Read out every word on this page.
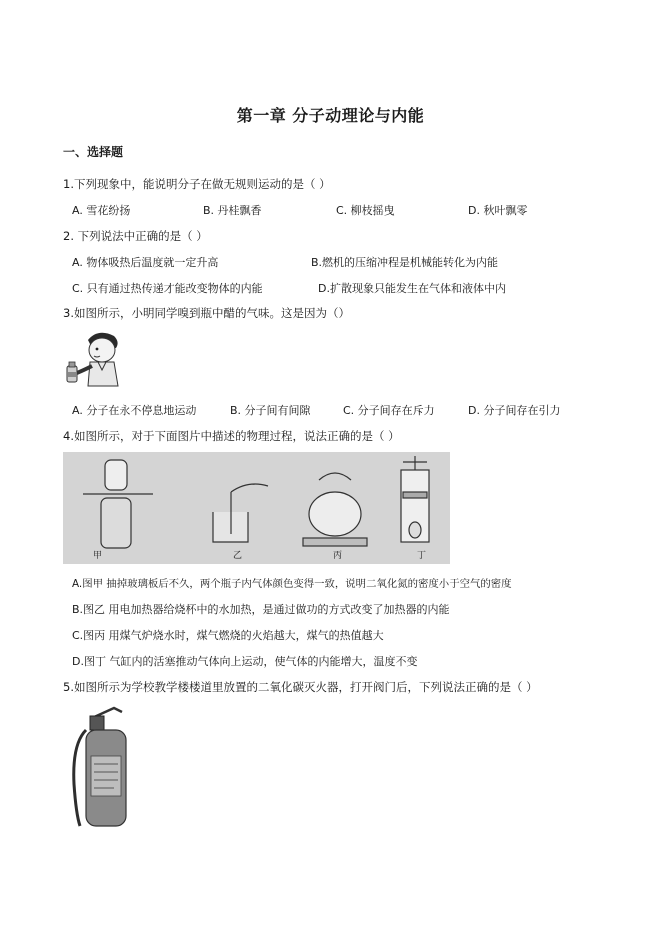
第一章 分子动理论与内能
一、选择题
1.下列现象中，能说明分子在做无规则运动的是（ ）
A. 雪花纷扬	B. 丹桂飘香	C. 柳枝摇曳	D. 秋叶飘零
2. 下列说法中正确的是（ ）
A. 物体吸热后温度就一定升高	B.燃机的压缩冲程是机械能转化为内能
C. 只有通过热传递才能改变物体的内能	D.扩散现象只能发生在气体和液体中内
3.如图所示，小明同学嗅到瓶中醋的气味。这是因为（）
A. 分子在永不停息地运动	B. 分子间有间隙	C. 分子间存在斥力	D. 分子间存在引力
4.如图所示，对于下面图片中描述的物理过程，说法正确的是（ ）
甲	乙	丙	丁
A.图甲 抽掉玻璃板后不久，两个瓶子内气体颜色变得一致，说明二氧化氮的密度小于空气的密度
B.图乙 用电加热器给烧杯中的水加热，是通过做功的方式改变了加热器的内能
C.图丙 用煤气炉烧水时，煤气燃烧的火焰越大，煤气的热值越大
D.图丁 气缸内的活塞推动气体向上运动，使气体的内能增大，温度不变
5.如图所示为学校教学楼楼道里放置的二氧化碳灭火器，打开阀门后，下列说法正确的是（ ）
